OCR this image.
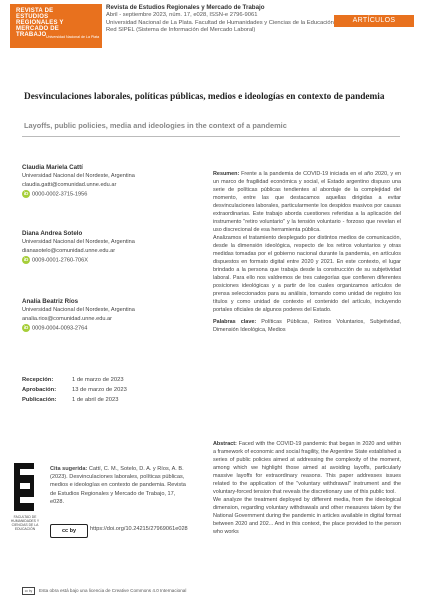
REVISTA DE
ESTUDIOS
REGIONALES Y
MERCADO DE
TRABAJO Universidad Nacional de La Plata
Revista de Estudios Regionales y Mercado de Trabajo
Abril - septiembre 2023, núm. 17, e028, ISSN-e 2796-9061
Universidad Nacional de La Plata. Facultad de Humanidades y Ciencias de la Educación
Red SIPEL (Sistema de Información del Mercado Laboral)
ARTÍCULOS
Desvinculaciones laborales, políticas públicas, medios e ideologías en contexto de pandemia
Layoffs, public policies, media and ideologies in the context of a pandemic
Claudia Mariela Cattí
Universidad Nacional del Nordeste, Argentina
claudia.gatti@comunidad.unne.edu.ar
iD 0000-0002-3715-1956
Diana Andrea Sotelo
Universidad Nacional del Nordeste, Argentina
dianasotelo@comunidad.unne.edu.ar
iD 0009-0001-2760-706X
Analía Beatriz Ríos
Universidad Nacional del Nordeste, Argentina
analia.rios@comunidad.unne.edu.ar
iD 0009-0004-0093-2764
Recepción:	1 de marzo de 2023
Aprobación:	13 de marzo de 2023
Publicación:	1 de abril de 2023
FACULTAD DE HUMANIDADES Y CIENCIAS DE LA EDUCACIÓN
Cita sugerida: Cattí, C. M., Sotelo, D. A. y Ríos, A. B. (2023). Desvinculaciones laborales, políticas públicas, medios e ideologías en contexto de pandemia. Revista de Estudios Regionales y Mercado de Trabajo, 17, e028.
cc by	https://doi.org/10.24215/27969061e028
cc by Esta obra está bajo una licencia de Creative Commons 4.0 Internacional

Resumen: Frente a la pandemia de COVID-19 iniciada en el año 2020, y en un marco de fragilidad económica y social, el Estado argentino dispuso una serie de políticas públicas tendientes al abordaje de la complejidad del momento, entre las que destacamos aquellas dirigidas a evitar desvinculaciones laborales, particularmente los despidos masivos por causas extraordinarias. Este trabajo aborda cuestiones referidas a la aplicación del instrumento "retiro voluntario" y la tensión voluntario - forzoso que revelan el uso discrecional de esa herramienta pública.

Analizamos el tratamiento desplegado por distintos medios de comunicación, desde la dimensión ideológica, respecto de los retiros voluntarios y otras medidas tomadas por el gobierno nacional durante la pandemia, en artículos dispuestos en formato digital entre 2020 y 2021. En este contexto, el lugar brindado a la persona que trabaja desde la construcción de su subjetividad laboral. Para ello nos valdremos de tres categorías que confieren diferentes posiciones ideológicas y a partir de los cuales organizamos artículos de prensa seleccionados para su análisis, tomando como unidad de registro los títulos y como unidad de contexto el contenido del artículo, incluyendo portales oficiales de algunos poderes del Estado.

Palabras clave: Políticas Públicas, Retiros Voluntarios, Subjetividad, Dimensión Ideológica, Medios

Abstract: Faced with the COVID-19 pandemic that began in 2020 and within a framework of economic and social fragility, the Argentine State established a series of public policies aimed at addressing the complexity of the moment, among which we highlight those aimed at avoiding layoffs, particularly massive layoffs for extraordinary reasons. This paper addresses issues related to the application of the "voluntary withdrawal" instrument and the voluntary-forced tension that reveals the discretionary use of this public tool.

We analyze the treatment deployed by different media, from the ideological dimension, regarding voluntary withdrawals and other measures taken by the National Government during the pandemic in articles available in digital format between 2020 and 202... And in this context, the place provided to the person who works
